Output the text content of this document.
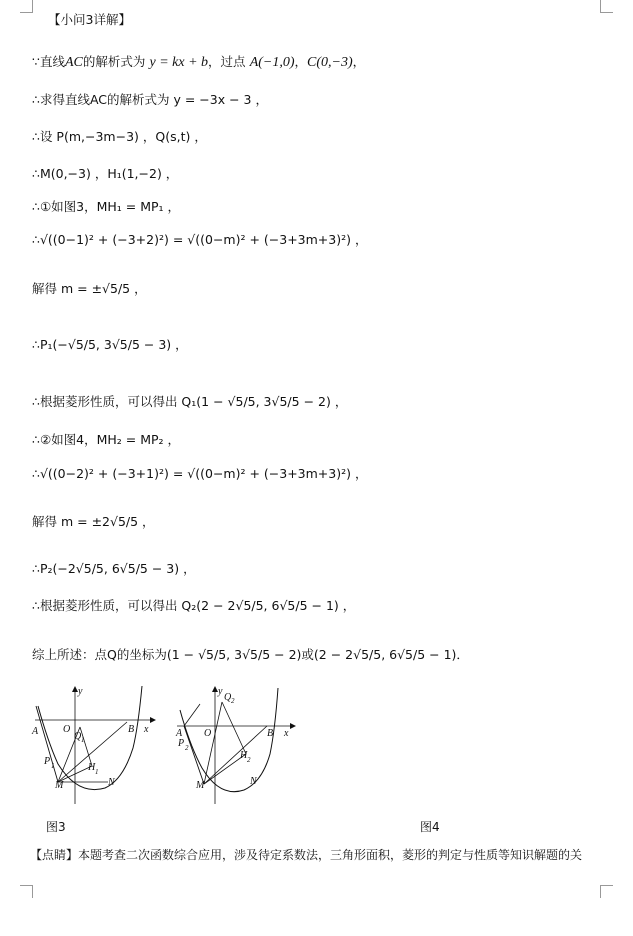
【小问3详解】
∵直线AC的解析式为 y = kx + b，过点 A(−1,0)，C(0,−3)，
∴求得直线AC的解析式为 y = −3x − 3 ，
∴设 P(m,−3m−3) ，Q(s,t) ，
∴M(0,−3) ，H₁(1,−2) ，
∴①如图3，MH₁ = MP₁ ，
∴√((0−1)² + (−3+2)²) = √((0−m)² + (−3+3m+3)²) ，
解得 m = ±√5/5 ，
∴P₁(−√5/5, 3√5/5 − 3) ，
∴根据菱形性质，可以得出 Q₁(1 − √5/5, 3√5/5 − 2) ，
∴②如图4，MH₂ = MP₂ ，
∴√((0−2)² + (−3+1)²) = √((0−m)² + (−3+3m+3)²) ，
解得 m = ±2√5/5 ，
∴P₂(−2√5/5, 6√5/5 − 3) ，
∴根据菱形性质，可以得出 Q₂(2 − 2√5/5, 6√5/5 − 1) ，
综上所述：点Q的坐标为(1 − √5/5, 3√5/5 − 2)或(2 − 2√5/5, 6√5/5 − 1)．
y
x
A O	B
Q 1
P 1	H 1
M	N
图3
y
x
A O	B
Q 2
P 2
H 2
M	N
图4
【点睛】本题考查二次函数综合应用，涉及待定系数法，三角形面积，菱形的判定与性质等知识解题的关
